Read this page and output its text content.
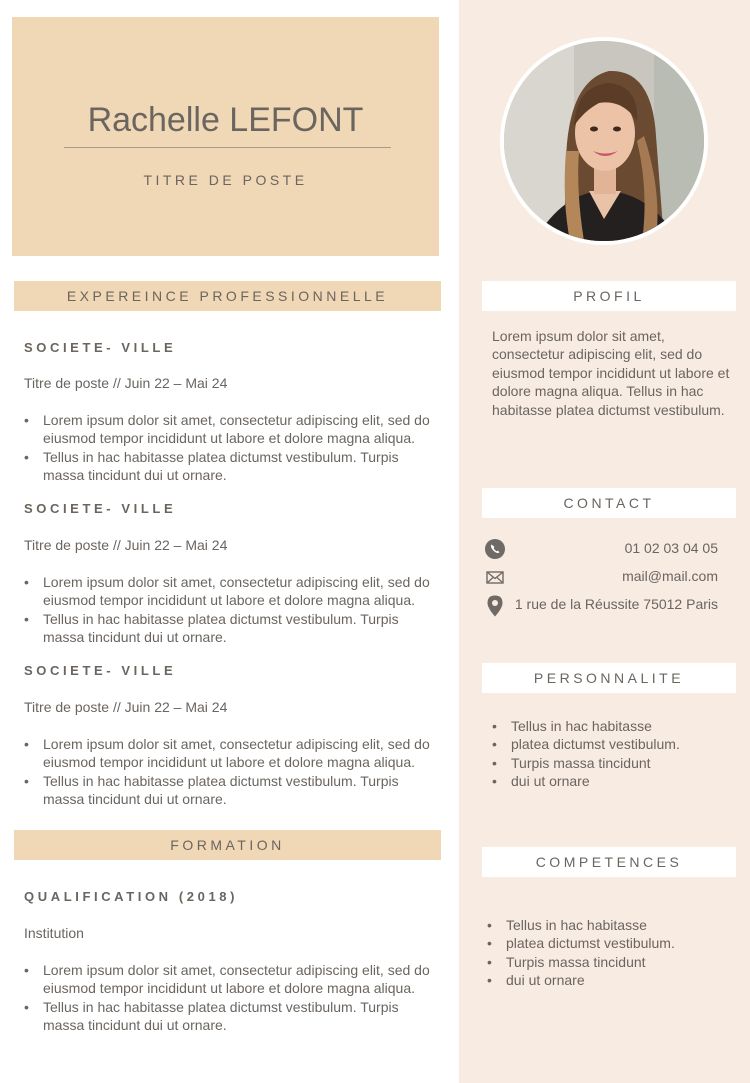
Rachelle LEFONT
TITRE DE POSTE
EXPEREINCE PROFESSIONNELLE
SOCIETE- VILLE
Titre de poste // Juin 22 – Mai 24
• Lorem ipsum dolor sit amet, consectetur adipiscing elit, sed do eiusmod tempor incididunt ut labore et dolore magna aliqua.
• Tellus in hac habitasse platea dictumst vestibulum. Turpis massa tincidunt dui ut ornare.
SOCIETE- VILLE
Titre de poste // Juin 22 – Mai 24
• Lorem ipsum dolor sit amet, consectetur adipiscing elit, sed do eiusmod tempor incididunt ut labore et dolore magna aliqua.
• Tellus in hac habitasse platea dictumst vestibulum. Turpis massa tincidunt dui ut ornare.
SOCIETE- VILLE
Titre de poste // Juin 22 – Mai 24
• Lorem ipsum dolor sit amet, consectetur adipiscing elit, sed do eiusmod tempor incididunt ut labore et dolore magna aliqua.
• Tellus in hac habitasse platea dictumst vestibulum. Turpis massa tincidunt dui ut ornare.
FORMATION
QUALIFICATION (2018)
Institution
• Lorem ipsum dolor sit amet, consectetur adipiscing elit, sed do eiusmod tempor incididunt ut labore et dolore magna aliqua.
• Tellus in hac habitasse platea dictumst vestibulum. Turpis massa tincidunt dui ut ornare.
PROFIL
Lorem ipsum dolor sit amet, consectetur adipiscing elit, sed do eiusmod tempor incididunt ut labore et dolore magna aliqua. Tellus in hac habitasse platea dictumst vestibulum.
CONTACT
01 02 03 04 05
mail@mail.com
1 rue de la Réussite 75012 Paris
PERSONNALITE
• Tellus in hac habitasse
• platea dictumst vestibulum.
• Turpis massa tincidunt
• dui ut ornare
COMPETENCES
• Tellus in hac habitasse
• platea dictumst vestibulum.
• Turpis massa tincidunt
• dui ut ornare
